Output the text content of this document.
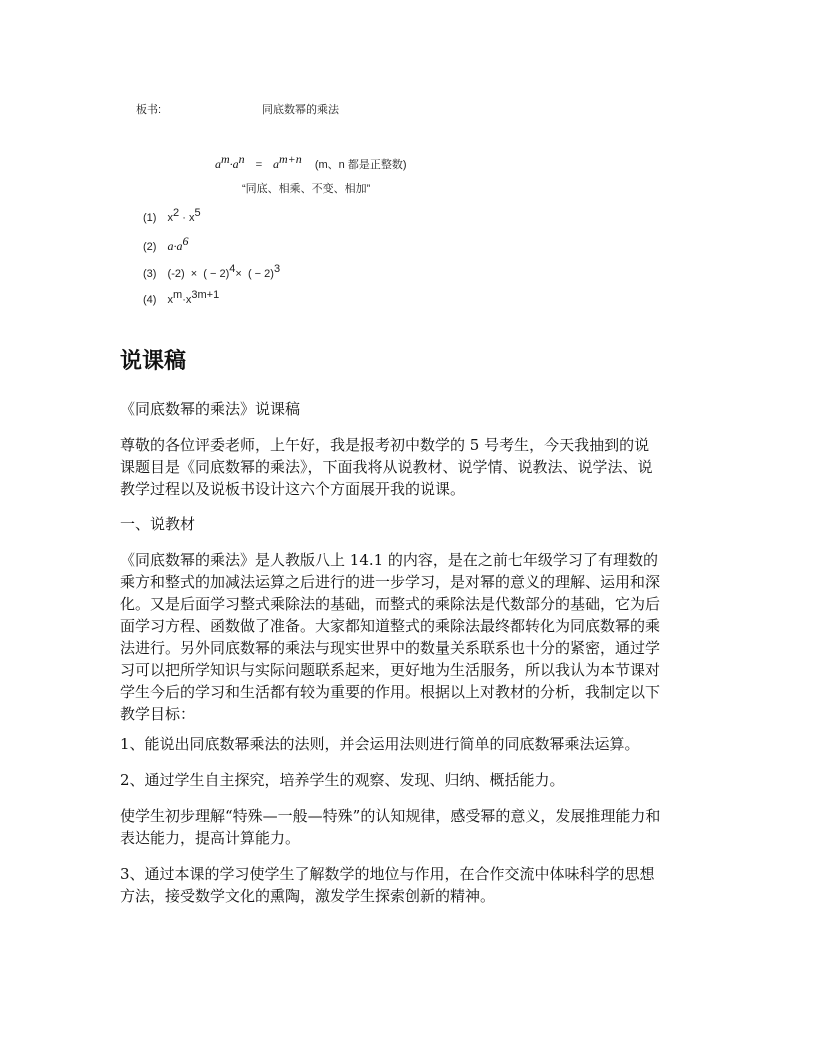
板书:	同底数幂的乘法
$a^m\cdot a^n = a^{m+n}$ (m、n 都是正整数)
“同底、相乘、不变、相加”
(1) $x^2 \cdot x^5$
(2) $a\cdot a^6$
(3) (-2)  ×  ( − 2)$^4$×  ( − 2)$^3$
(4) $x^m\cdot x^{3m+1}$
说课稿

《同底数幂的乘法》说课稿

尊敬的各位评委老师，上午好，我是报考初中数学的 5 号考生，今天我抽到的说
课题目是《同底数幂的乘法》，下面我将从说教材、说学情、说教法、说学法、说
教学过程以及说板书设计这六个方面展开我的说课。

一、说教材

《同底数幂的乘法》是人教版八上 14.1 的内容，是在之前七年级学习了有理数的
乘方和整式的加减法运算之后进行的进一步学习，是对幂的意义的理解、运用和深
化。又是后面学习整式乘除法的基础，而整式的乘除法是代数部分的基础，它为后
面学习方程、函数做了准备。大家都知道整式的乘除法最终都转化为同底数幂的乘
法进行。另外同底数幂的乘法与现实世界中的数量关系联系也十分的紧密，通过学
习可以把所学知识与实际问题联系起来，更好地为生活服务，所以我认为本节课对
学生今后的学习和生活都有较为重要的作用。根据以上对教材的分析，我制定以下
教学目标：

1、能说出同底数幂乘法的法则，并会运用法则进行简单的同底数幂乘法运算。

2、通过学生自主探究，培养学生的观察、发现、归纳、概括能力。

使学生初步理解“特殊—一般—特殊”的认知规律，感受幂的意义，发展推理能力和
表达能力，提高计算能力。

3、通过本课的学习使学生了解数学的地位与作用，在合作交流中体味科学的思想
方法，接受数学文化的熏陶，激发学生探索创新的精神。
